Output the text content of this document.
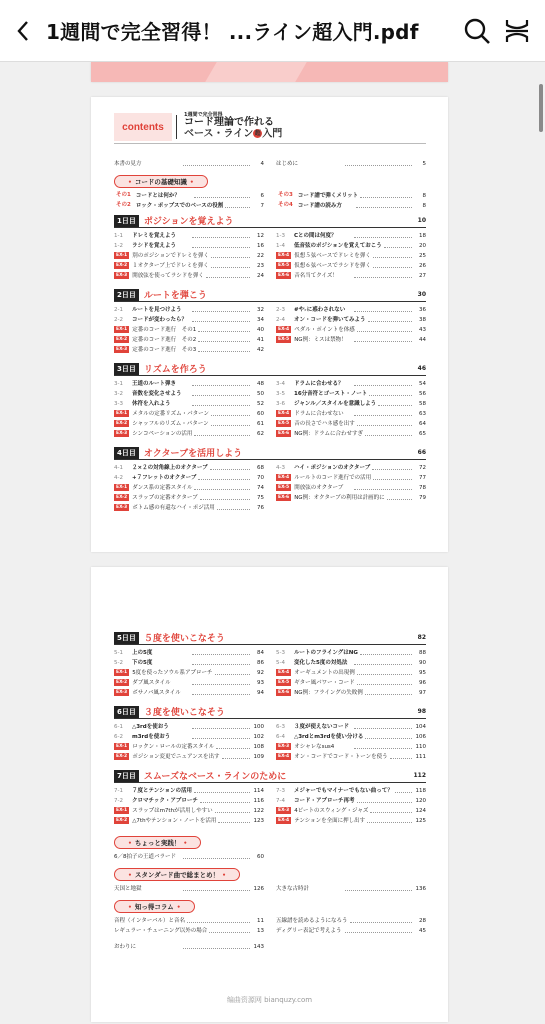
1週間で完全習得！ ...ライン超入門.pdf
contents
1週間で完全習得
コード理論で作れる
ベース・ライン超 入門
本書の見方	4 はじめに	5
• コードの基礎知識 •
その1 コードとは何か？	6
その2 ロック・ポップスでのベースの役割	7
その3 コード譜で弾くメリット	8
その4 コード譜の読み方	8
1日目 ポジションを覚えよう	10
1-1	ドレミを覚えよう	12
1-2	ラシドを覚えよう	16
EX-1 別のポジションでドレミを弾く	22
EX-2 １オクターブ上でドレミを弾く	23
EX-3 開放弦を使ってラシドを弾く	24
1-3	Cとの間は何度？	18
1-4	低音弦のポジションを覚えておこう	20
EX-4 仮想５弦ベースでドレミを弾く	25
EX-5 仮想６弦ベースでラシドを弾く	26
EX-6 音名当てクイズ！	27
2日目 ルートを弾こう	30
2-1	ルートを見つけよう	32
2-2	コードが変わったら？	34
EX-1 定番のコード進行　その1	40
EX-2 定番のコード進行　その2	41
EX-3 定番のコード進行　その3	42
2-3	#や♭に惑わされない	36
2-4	オン・コードを弾いてみよう	38
EX-4 ペダル・ポイントを体感	43
EX-5 NG例：ミスは禁物！	44
3日目 リズムを作ろう	46
3-1	王道のルート弾き	48
3-2	音数を変化させよう	50
3-3	休符を入れよう	52
EX-1 メタルの定番リズム・パターン	60
EX-2 シャッフルのリズム・パターン	61
EX-3 シンコペーションの活用	62
3-4	ドラムに合わせる？	54
3-5	16分音符とゴースト・ノート	56
3-6	ジャンル／スタイルを意識しよう	58
EX-4 ドラムに合わせない	63
EX-5 音の長さでハネ感を出す	64
EX-6 NG例：ドラムに合わせすぎ	65
4日目 オクターブを活用しよう	66
4-1	２×２の対角線上のオクターブ	68
4-2	+７フレットのオクターブ	70
EX-1 ダンス系の定番スタイル	74
EX-2 スラップの定番オクターブ	75
EX-3 ボトム感の有還なハイ・ポジ活用	76
4-3	ハイ・ポジションのオクターブ	72
EX-4 ルールトのコード進行での活用	77
EX-5 開放弦のオクターブ	78
EX-6 NG例：オクターブの利用は計画的に	79
5日目 ５度を使いこなそう	82
5-1	上の5度	84
5-2	下の5度	86
EX-1 5度を使ったソウル系アプローチ	92
EX-2 ダブ風スタイル	93
EX-3 ボサノバ風スタイル	94
5-3	ルートのフライングはNG	88
5-4	変化した5度の対処法	90
EX-4 オーギュメントの出現例	95
EX-5 ギター風パワー・コード	96
EX-6 NG例：フライングの失敗例	97
6日目 ３度を使いこなそう	98
6-1	△3rdを使おう	100
6-2	m3rdを使おう	102
EX-1 ロックン・ロールの定番スタイル	108
EX-2 ポジション変更でニュアンスを出す	109
6-3	３度が使えないコード	104
6-4	△3rdとm3rdを使い分ける	106
EX-3 オシャレなsus4	110
EX-4 オン・コードでコード・トーンを使う	111
7日目 スムーズなベース・ラインのために	112
7-1	７度とテンションの活用	114
7-2	クロマチック・アプローチ	116
EX-1 スラップはm7thが活用しやすい	122
EX-2 △7thやテンション・ノートを活用	123
7-3	メジャーでもマイナーでもない曲って？	118
7-4	コード・アプローチ再考	120
EX-3 4ビートのスウィング・ジャズ	124
EX-4 テンションを全面に押し出す	125
• ちょっと実践！ •
6／8拍子の王道バラード	60
• スタンダード曲で総まとめ！ •
天国と地獄	126 大きな古時計	136
• 知っ得コラム •
音程（インターバル）と音名	11
レギュラー・チューニング以外の場合	13
五線譜を読めるようになろう	28
ディグリー表記で考えよう	45
おわりに	143
编曲资源网 bianquzy.com
